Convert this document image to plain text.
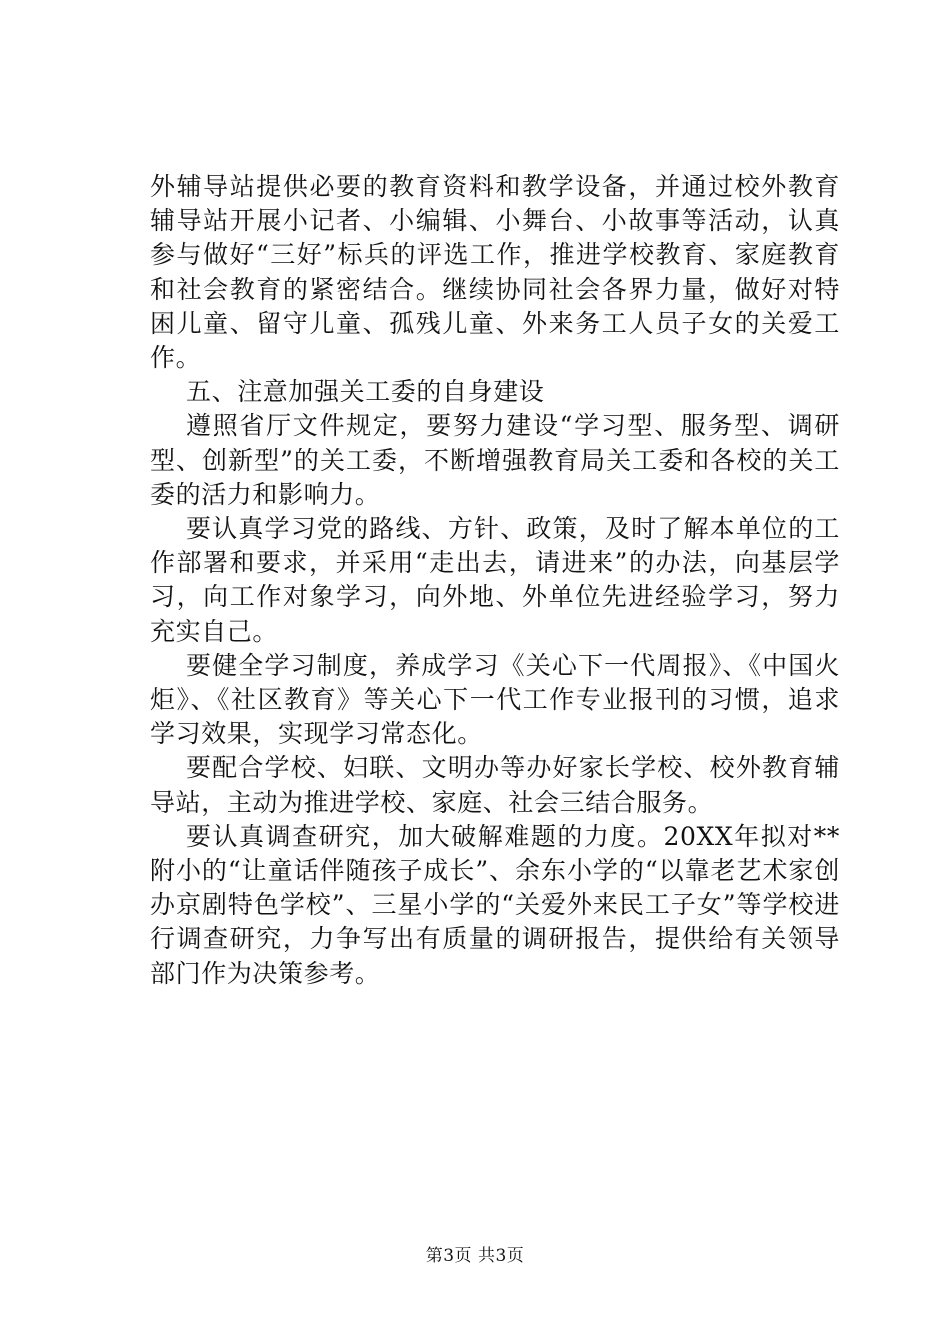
外辅导站提供必要的教育资料和教学设备，并通过校外教育辅导站开展小记者、小编辑、小舞台、小故事等活动，认真参与做好“三好”标兵的评选工作，推进学校教育、家庭教育和社会教育的紧密结合。继续协同社会各界力量，做好对特困儿童、留守儿童、孤残儿童、外来务工人员子女的关爱工作。

五、注意加强关工委的自身建设

遵照省厅文件规定，要努力建设“学习型、服务型、调研型、创新型”的关工委，不断增强教育局关工委和各校的关工委的活力和影响力。

要认真学习党的路线、方针、政策，及时了解本单位的工作部署和要求，并采用“走出去，请进来”的办法，向基层学习，向工作对象学习，向外地、外单位先进经验学习，努力充实自己。

要健全学习制度，养成学习《关心下一代周报》、《中国火炬》、《社区教育》等关心下一代工作专业报刊的习惯，追求学习效果，实现学习常态化。

要配合学校、妇联、文明办等办好家长学校、校外教育辅导站，主动为推进学校、家庭、社会三结合服务。

要认真调查研究，加大破解难题的力度。20XX年拟对**附小的“让童话伴随孩子成长”、余东小学的“以靠老艺术家创办京剧特色学校”、三星小学的“关爱外来民工子女”等学校进行调查研究，力争写出有质量的调研报告，提供给有关领导部门作为决策参考。

第3页 共3页
